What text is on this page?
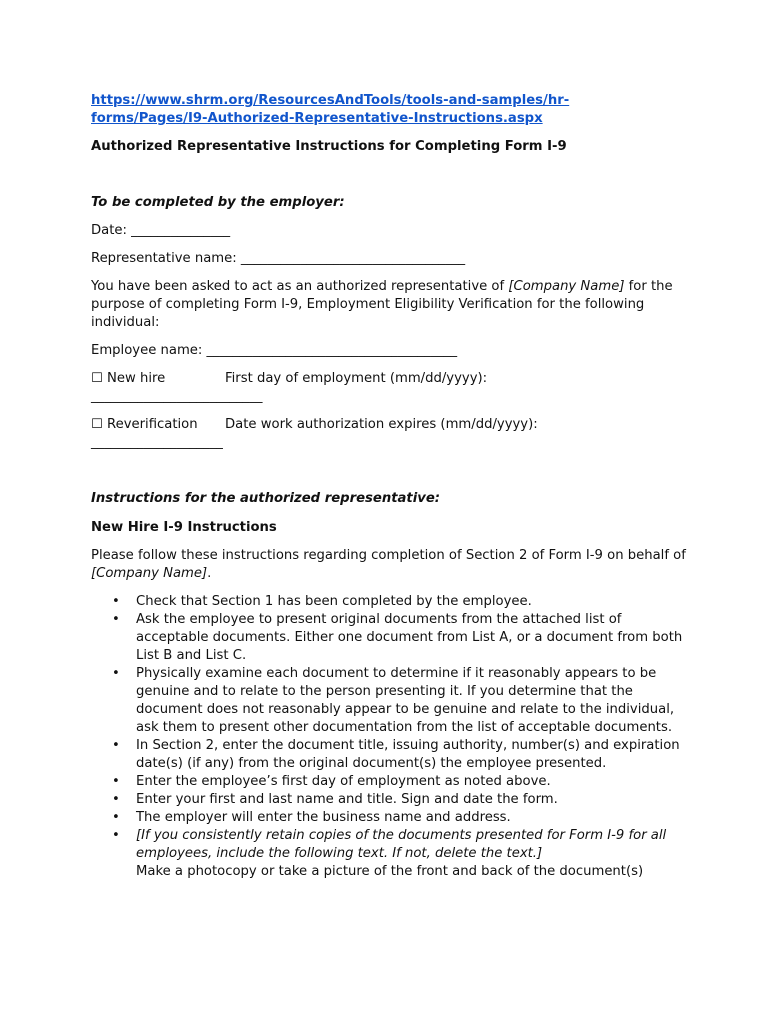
https://www.shrm.org/ResourcesAndTools/tools-and-samples/hr-
forms/Pages/I9-Authorized-Representative-Instructions.aspx

Authorized Representative Instructions for Completing Form I-9

To be completed by the employer:

Date: _______________

Representative name: __________________________________

You have been asked to act as an authorized representative of [Company Name] for the purpose of completing Form I-9, Employment Eligibility Verification for the following individual:

Employee name: ______________________________________

☐ New hire	First day of employment (mm/dd/yyyy):

__________________________

☐ Reverification	Date work authorization expires (mm/dd/yyyy):

____________________

Instructions for the authorized representative:

New Hire I-9 Instructions

Please follow these instructions regarding completion of Section 2 of Form I-9 on behalf of [Company Name].

• Check that Section 1 has been completed by the employee.
• Ask the employee to present original documents from the attached list of acceptable documents. Either one document from List A, or a document from both List B and List C.
• Physically examine each document to determine if it reasonably appears to be genuine and to relate to the person presenting it. If you determine that the document does not reasonably appear to be genuine and relate to the individual, ask them to present other documentation from the list of acceptable documents.
• In Section 2, enter the document title, issuing authority, number(s) and expiration date(s) (if any) from the original document(s) the employee presented.
• Enter the employee’s first day of employment as noted above.
• Enter your first and last name and title. Sign and date the form.
• The employer will enter the business name and address.
• [If you consistently retain copies of the documents presented for Form I-9 for all employees, include the following text. If not, delete the text.]
Make a photocopy or take a picture of the front and back of the document(s)
